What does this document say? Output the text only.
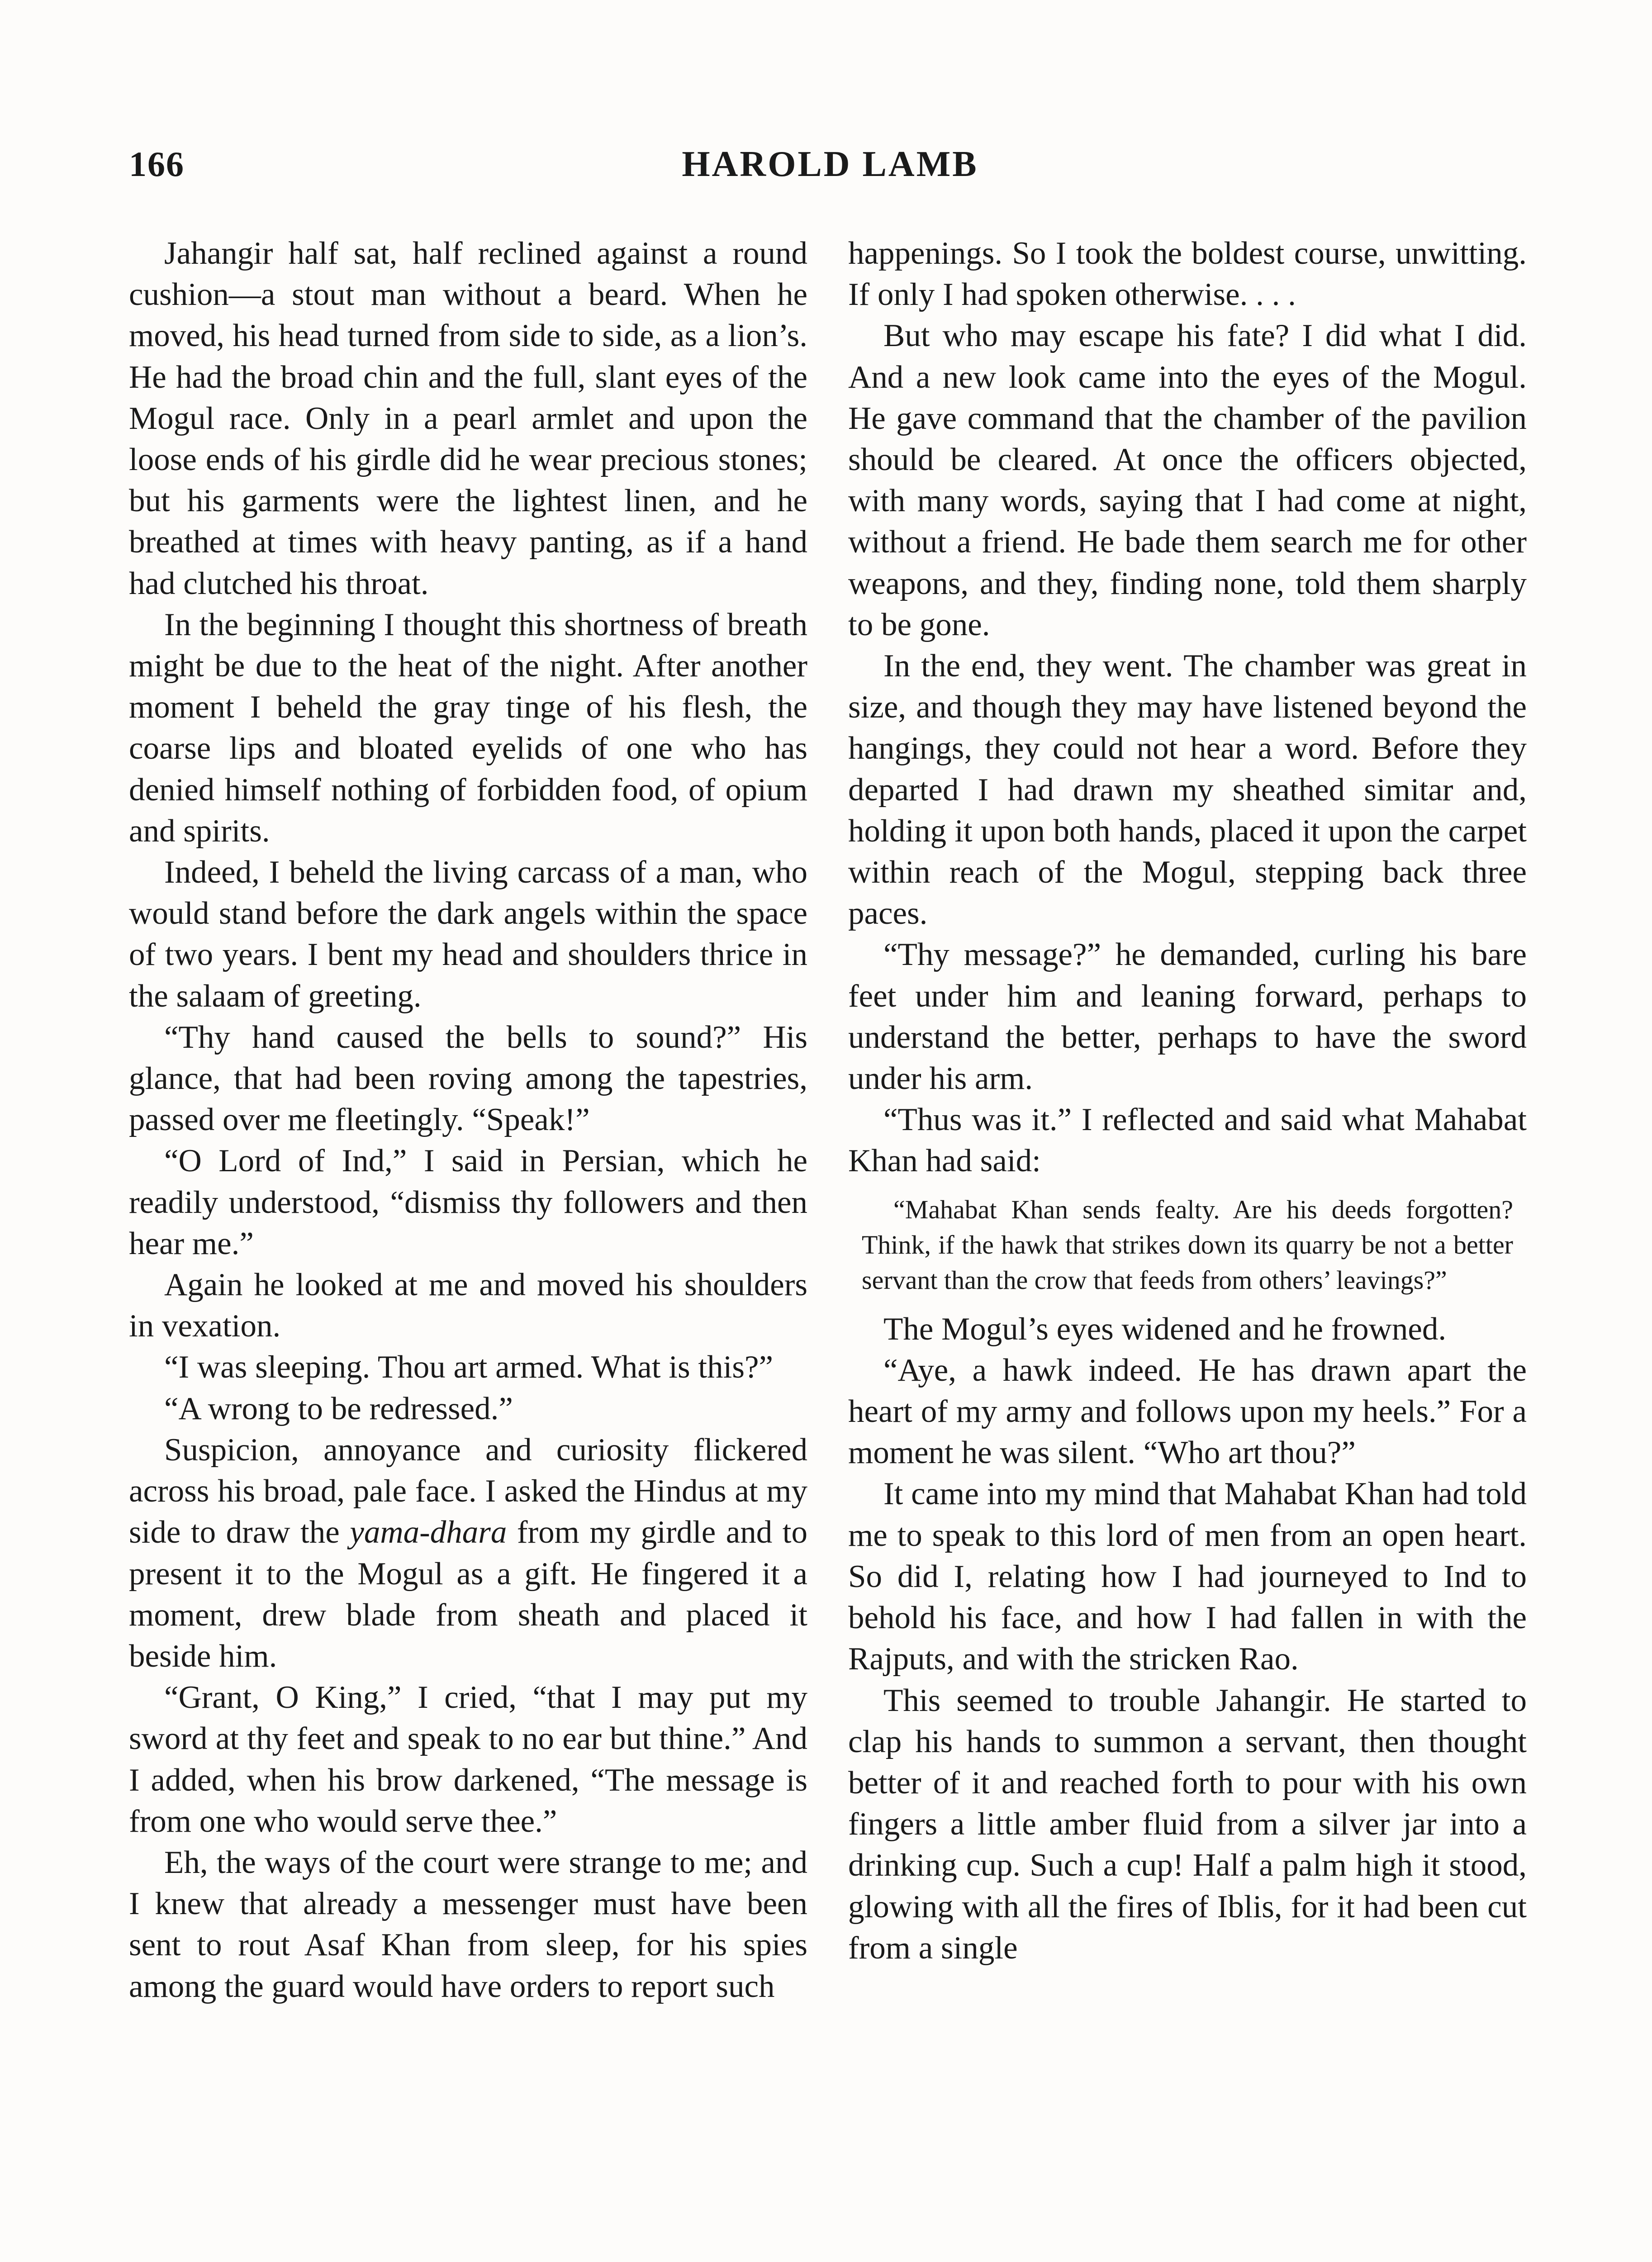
166	HAROLD LAMB

Jahangir half sat, half reclined against a round cushion—a stout man without a beard. When he moved, his head turned from side to side, as a lion’s. He had the broad chin and the full, slant eyes of the Mogul race. Only in a pearl armlet and upon the loose ends of his girdle did he wear precious stones; but his garments were the lightest linen, and he breathed at times with heavy panting, as if a hand had clutched his throat.

In the beginning I thought this shortness of breath might be due to the heat of the night. After another moment I beheld the gray tinge of his flesh, the coarse lips and bloated eyelids of one who has denied himself nothing of forbidden food, of opium and spirits.

Indeed, I beheld the living carcass of a man, who would stand before the dark angels within the space of two years. I bent my head and shoulders thrice in the salaam of greeting.

“Thy hand caused the bells to sound?” His glance, that had been roving among the tapestries, passed over me fleetingly. “Speak!”

“O Lord of Ind,” I said in Persian, which he readily understood, “dismiss thy followers and then hear me.”

Again he looked at me and moved his shoulders in vexation.

“I was sleeping. Thou art armed. What is this?”

“A wrong to be redressed.”

Suspicion, annoyance and curiosity flickered across his broad, pale face. I asked the Hindus at my side to draw the yama-dhara from my girdle and to present it to the Mogul as a gift. He fingered it a moment, drew blade from sheath and placed it beside him.

“Grant, O King,” I cried, “that I may put my sword at thy feet and speak to no ear but thine.” And I added, when his brow darkened, “The message is from one who would serve thee.”

Eh, the ways of the court were strange to me; and I knew that already a messenger must have been sent to rout Asaf Khan from sleep, for his spies among the guard would have orders to report such

happenings. So I took the boldest course, unwitting. If only I had spoken otherwise. . . .

But who may escape his fate? I did what I did. And a new look came into the eyes of the Mogul. He gave command that the chamber of the pavilion should be cleared. At once the officers objected, with many words, saying that I had come at night, without a friend. He bade them search me for other weapons, and they, finding none, told them sharply to be gone.

In the end, they went. The chamber was great in size, and though they may have listened beyond the hangings, they could not hear a word. Before they departed I had drawn my sheathed simitar and, holding it upon both hands, placed it upon the carpet within reach of the Mogul, stepping back three paces.

“Thy message?” he demanded, curling his bare feet under him and leaning forward, perhaps to understand the better, perhaps to have the sword under his arm.

“Thus was it.” I reflected and said what Mahabat Khan had said:

“Mahabat Khan sends fealty. Are his deeds forgotten? Think, if the hawk that strikes down its quarry be not a better servant than the crow that feeds from others’ leavings?”

The Mogul’s eyes widened and he frowned.

“Aye, a hawk indeed. He has drawn apart the heart of my army and follows upon my heels.” For a moment he was silent. “Who art thou?”

It came into my mind that Mahabat Khan had told me to speak to this lord of men from an open heart. So did I, relating how I had journeyed to Ind to behold his face, and how I had fallen in with the Rajputs, and with the stricken Rao.

This seemed to trouble Jahangir. He started to clap his hands to summon a servant, then thought better of it and reached forth to pour with his own fingers a little amber fluid from a silver jar into a drinking cup. Such a cup! Half a palm high it stood, glowing with all the fires of Iblis, for it had been cut from a single
